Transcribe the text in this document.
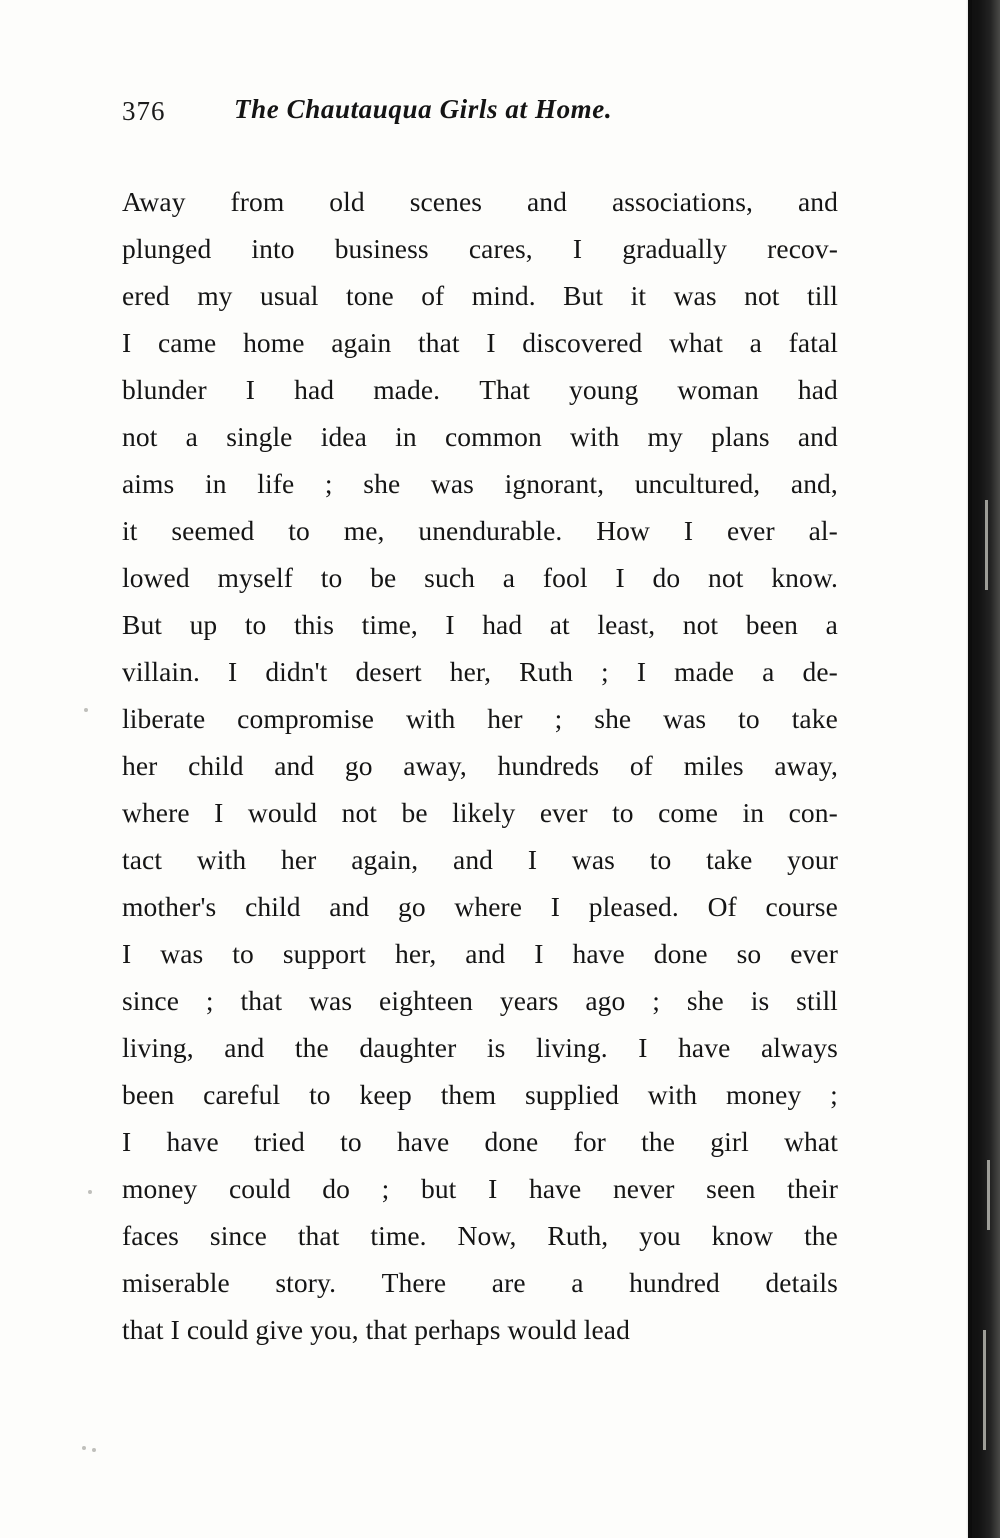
376	The Chautauqua Girls at Home.
Away from old scenes and associations, and
plunged into business cares, I gradually recov-
ered my usual tone of mind. But it was not till
I came home again that I discovered what a fatal
blunder I had made. That young woman had
not a single idea in common with my plans and
aims in life ; she was ignorant, uncultured, and,
it seemed to me, unendurable. How I ever al-
lowed myself to be such a fool I do not know.
But up to this time, I had at least, not been a
villain. I didn't desert her, Ruth ; I made a de-
liberate compromise with her ; she was to take
her child and go away, hundreds of miles away,
where I would not be likely ever to come in con-
tact with her again, and I was to take your
mother's child and go where I pleased. Of course
I was to support her, and I have done so ever
since ; that was eighteen years ago ; she is still
living, and the daughter is living. I have always
been careful to keep them supplied with money ;
I have tried to have done for the girl what
money could do ; but I have never seen their
faces since that time. Now, Ruth, you know the
miserable story. There are a hundred details
that I could give you, that perhaps would lead
